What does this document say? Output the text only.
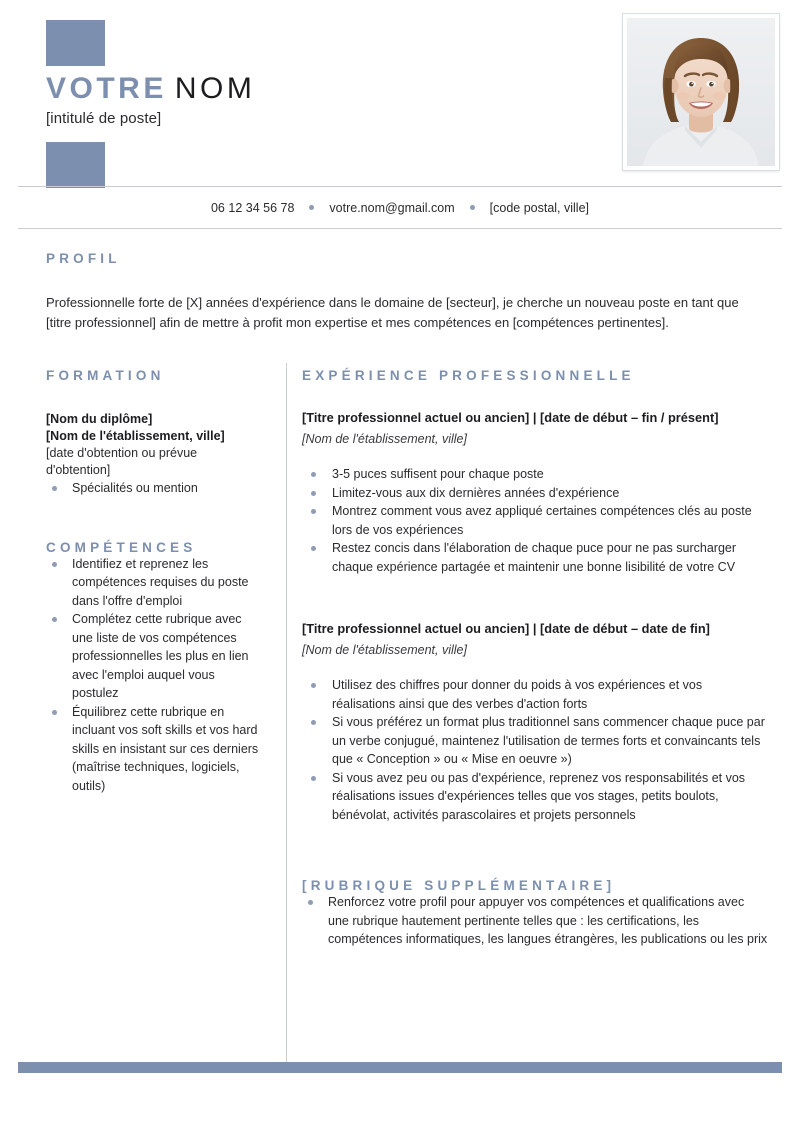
VOTRE NOM
[intitulé de poste]
06 12 34 56 78	votre.nom@gmail.com	[code postal, ville]
PROFIL
Professionnelle forte de [X] années d'expérience dans le domaine de [secteur], je cherche un nouveau poste en tant que [titre professionnel] afin de mettre à profit mon expertise et mes compétences en [compétences pertinentes].
FORMATION
[Nom du diplôme]
[Nom de l'établissement, ville]
[date d'obtention ou prévue d'obtention]
Spécialités ou mention
COMPÉTENCES
Identifiez et reprenez les compétences requises du poste dans l'offre d'emploi
Complétez cette rubrique avec une liste de vos compétences professionnelles les plus en lien avec l'emploi auquel vous postulez
Équilibrez cette rubrique en incluant vos soft skills et vos hard skills en insistant sur ces derniers (maîtrise techniques, logiciels, outils)
EXPÉRIENCE PROFESSIONNELLE
[Titre professionnel actuel ou ancien] | [date de début – fin / présent]
[Nom de l'établissement, ville]
3-5 puces suffisent pour chaque poste
Limitez-vous aux dix dernières années d'expérience
Montrez comment vous avez appliqué certaines compétences clés au poste lors de vos expériences
Restez concis dans l'élaboration de chaque puce pour ne pas surcharger chaque expérience partagée et maintenir une bonne lisibilité de votre CV
[Titre professionnel actuel ou ancien] | [date de début – date de fin]
[Nom de l'établissement, ville]
Utilisez des chiffres pour donner du poids à vos expériences et vos réalisations ainsi que des verbes d'action forts
Si vous préférez un format plus traditionnel sans commencer chaque puce par un verbe conjugué, maintenez l'utilisation de termes forts et convaincants tels que « Conception » ou « Mise en oeuvre »)
Si vous avez peu ou pas d'expérience, reprenez vos responsabilités et vos réalisations issues d'expériences telles que vos stages, petits boulots, bénévolat, activités parascolaires et projets personnels
[RUBRIQUE SUPPLÉMENTAIRE]
Renforcez votre profil pour appuyer vos compétences et qualifications avec une rubrique hautement pertinente telles que : les certifications, les compétences informatiques, les langues étrangères, les publications ou les prix
